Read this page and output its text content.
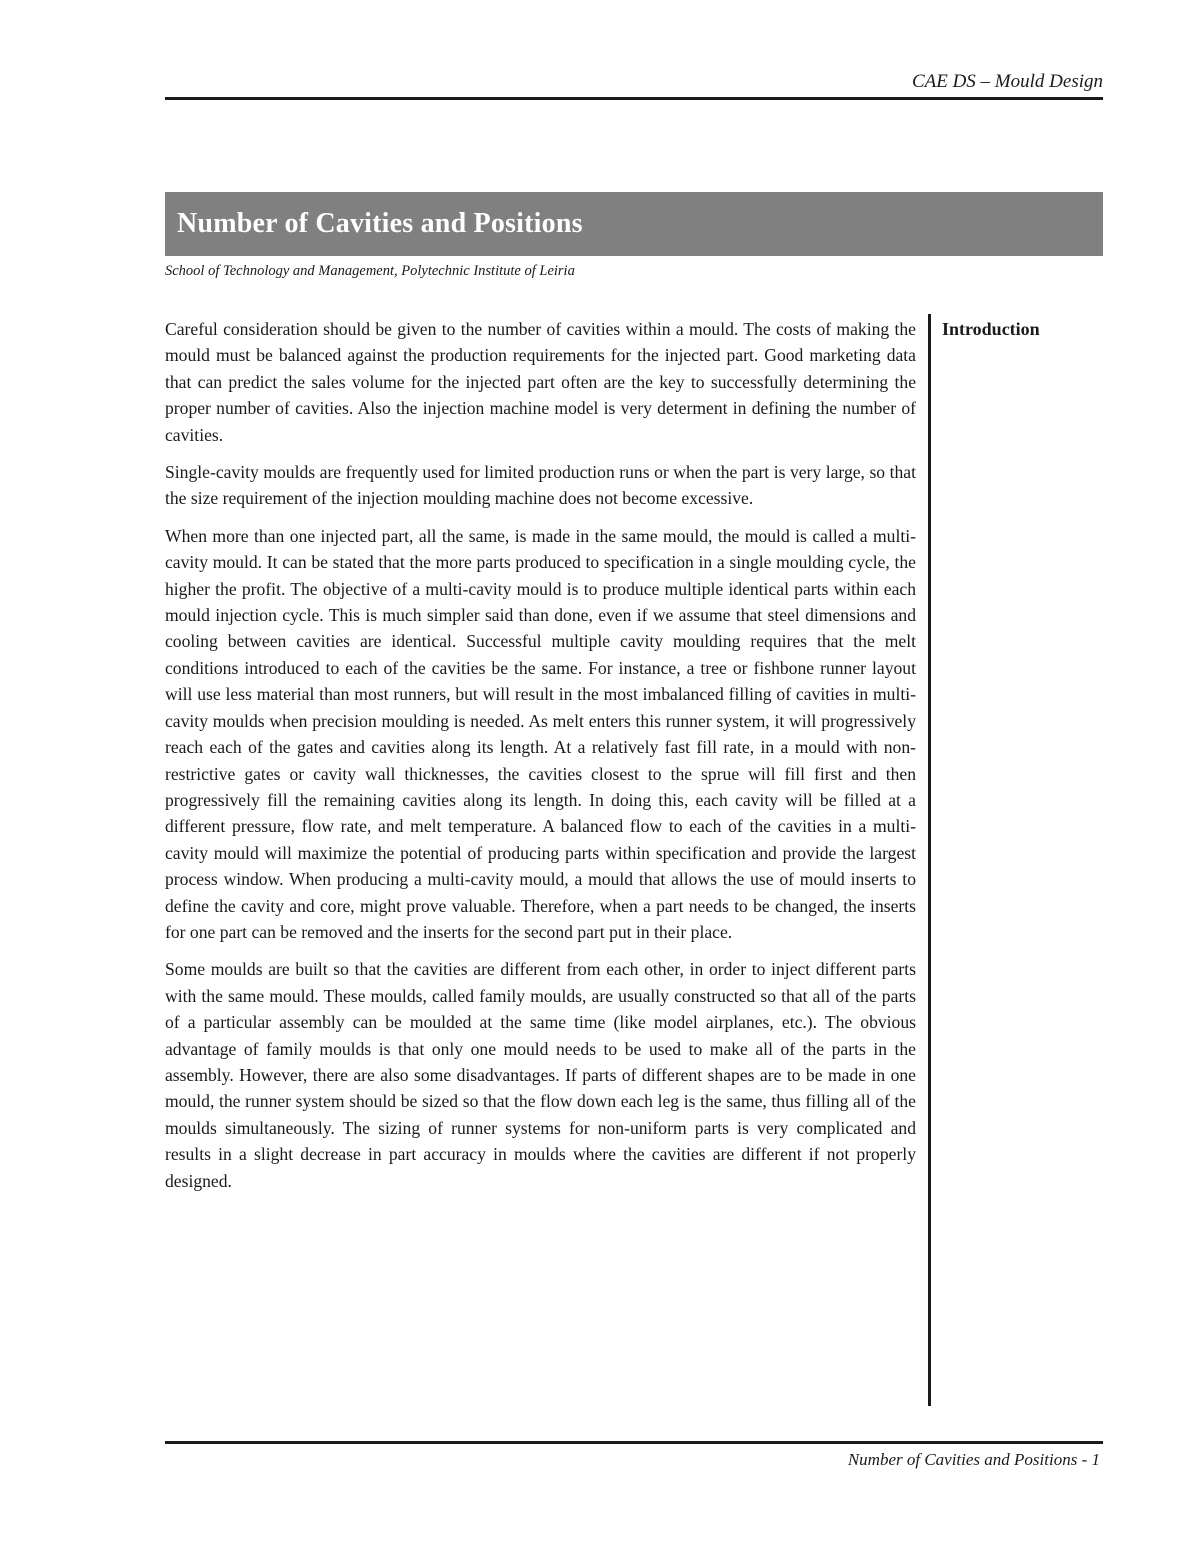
CAE DS – Mould Design
Number of Cavities and Positions
School of Technology and Management, Polytechnic Institute of Leiria

Careful consideration should be given to the number of cavities within a mould. The costs of making the mould must be balanced against the production requirements for the injected part. Good marketing data that can predict the sales volume for the injected part often are the key to successfully determining the proper number of cavities. Also the injection machine model is very determent in defining the number of cavities.

Single-cavity moulds are frequently used for limited production runs or when the part is very large, so that the size requirement of the injection moulding machine does not become excessive.

When more than one injected part, all the same, is made in the same mould, the mould is called a multi-cavity mould. It can be stated that the more parts produced to specification in a single moulding cycle, the higher the profit. The objective of a multi-cavity mould is to produce multiple identical parts within each mould injection cycle. This is much simpler said than done, even if we assume that steel dimensions and cooling between cavities are identical. Successful multiple cavity moulding requires that the melt conditions introduced to each of the cavities be the same. For instance, a tree or fishbone runner layout will use less material than most runners, but will result in the most imbalanced filling of cavities in multi-cavity moulds when precision moulding is needed. As melt enters this runner system, it will progressively reach each of the gates and cavities along its length. At a relatively fast fill rate, in a mould with non-restrictive gates or cavity wall thicknesses, the cavities closest to the sprue will fill first and then progressively fill the remaining cavities along its length. In doing this, each cavity will be filled at a different pressure, flow rate, and melt temperature. A balanced flow to each of the cavities in a multi-cavity mould will maximize the potential of producing parts within specification and provide the largest process window. When producing a multi-cavity mould, a mould that allows the use of mould inserts to define the cavity and core, might prove valuable. Therefore, when a part needs to be changed, the inserts for one part can be removed and the inserts for the second part put in their place.

Some moulds are built so that the cavities are different from each other, in order to inject different parts with the same mould. These moulds, called family moulds, are usually constructed so that all of the parts of a particular assembly can be moulded at the same time (like model airplanes, etc.). The obvious advantage of family moulds is that only one mould needs to be used to make all of the parts in the assembly. However, there are also some disadvantages. If parts of different shapes are to be made in one mould, the runner system should be sized so that the flow down each leg is the same, thus filling all of the moulds simultaneously. The sizing of runner systems for non-uniform parts is very complicated and results in a slight decrease in part accuracy in moulds where the cavities are different if not properly designed.

Introduction
Number of Cavities and Positions - 1
